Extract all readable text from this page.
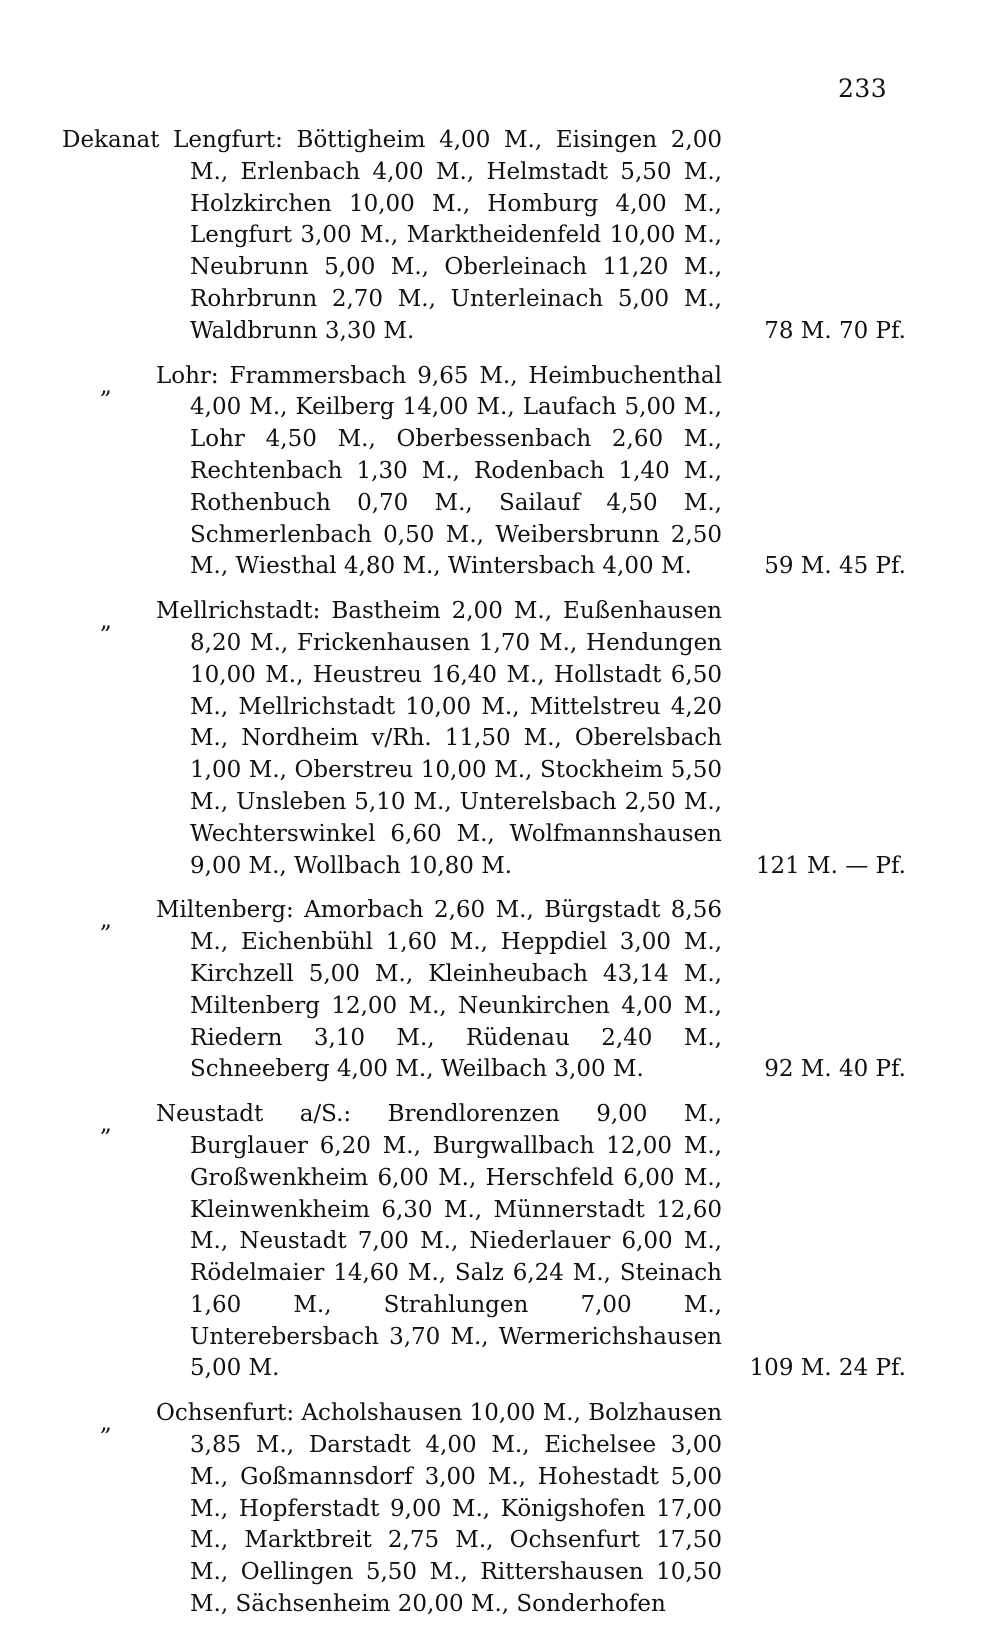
233
Dekanat Lengfurt: Böttigheim 4,00 M., Eisingen 2,00 M., Erlenbach 4,00 M., Helmstadt 5,50 M., Holzkirchen 10,00 M., Homburg 4,00 M., Lengfurt 3,00 M., Marktheidenfeld 10,00 M., Neubrunn 5,00 M., Oberleinach 11,20 M., Rohrbrunn 2,70 M., Unterleinach 5,00 M., Waldbrunn 3,30 M.	78 M. 70 Pf.
„ Lohr: Frammersbach 9,65 M., Heimbuchenthal 4,00 M., Keilberg 14,00 M., Laufach 5,00 M., Lohr 4,50 M., Oberbessenbach 2,60 M., Rechtenbach 1,30 M., Rodenbach 1,40 M., Rothenbuch 0,70 M., Sailauf 4,50 M., Schmerlenbach 0,50 M., Weibersbrunn 2,50 M., Wiesthal 4,80 M., Wintersbach 4,00 M.	59 M. 45 Pf.
„ Mellrichstadt: Bastheim 2,00 M., Eußenhausen 8,20 M., Frickenhausen 1,70 M., Hendungen 10,00 M., Heustreu 16,40 M., Hollstadt 6,50 M., Mellrichstadt 10,00 M., Mittelstreu 4,20 M., Nordheim v/Rh. 11,50 M., Oberelsbach 1,00 M., Oberstreu 10,00 M., Stockheim 5,50 M., Unsleben 5,10 M., Unterelsbach 2,50 M., Wechterswinkel 6,60 M., Wolfmannshausen 9,00 M., Wollbach 10,80 M.	121 M. — Pf.
„ Miltenberg: Amorbach 2,60 M., Bürgstadt 8,56 M., Eichenbühl 1,60 M., Heppdiel 3,00 M., Kirchzell 5,00 M., Kleinheubach 43,14 M., Miltenberg 12,00 M., Neunkirchen 4,00 M., Riedern 3,10 M., Rüdenau 2,40 M., Schneeberg 4,00 M., Weilbach 3,00 M.	92 M. 40 Pf.
„ Neustadt a/S.: Brendlorenzen 9,00 M., Burglauer 6,20 M., Burgwallbach 12,00 M., Großwenkheim 6,00 M., Herschfeld 6,00 M., Kleinwenkheim 6,30 M., Münnerstadt 12,60 M., Neustadt 7,00 M., Niederlauer 6,00 M., Rödelmaier 14,60 M., Salz 6,24 M., Steinach 1,60 M., Strahlungen 7,00 M., Unterebersbach 3,70 M., Wermerichshausen 5,00 M.	109 M. 24 Pf.
„ Ochsenfurt: Acholshausen 10,00 M., Bolzhausen 3,85 M., Darstadt 4,00 M., Eichelsee 3,00 M., Goßmannsdorf 3,00 M., Hohestadt 5,00 M., Hopferstadt 9,00 M., Königshofen 17,00 M., Marktbreit 2,75 M., Ochsenfurt 17,50 M., Oellingen 5,50 M., Rittershausen 10,50 M., Sächsenheim 20,00 M., Sonderhofen
